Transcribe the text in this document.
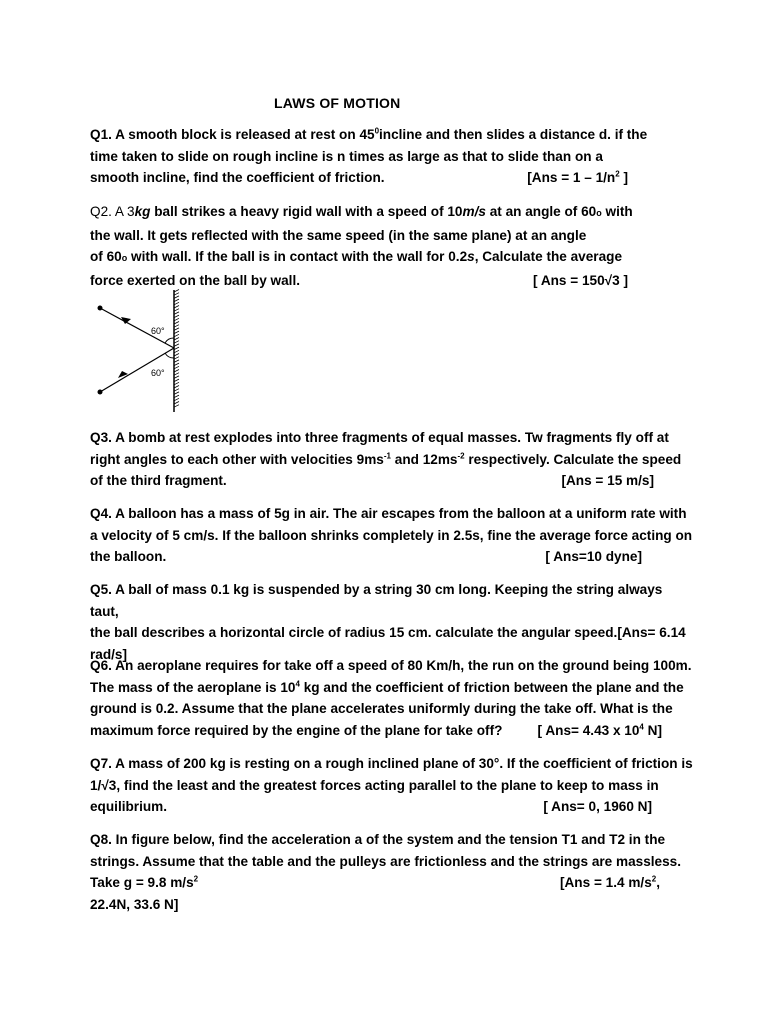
LAWS OF MOTION
Q1. A smooth block is released at rest on $45^0incline$ and then slides a distance d. if the
time taken to slide on rough incline is n times as large as that to slide than on a
smooth incline, find the coefficient of friction.	[$Ans = 1 - 1/n^2$ ]
Q2. A 3kg ball strikes a heavy rigid wall with a speed of 10m/s at an angle of 60o with
the wall. It gets reflected with the same speed (in the same plane) at an angle
of 60o with wall. If the ball is in contact with the wall for 0.2s, Calculate the average
force exerted on the ball by wall.	[ Ans = 150√3 ]
60°
60°
Q3. A bomb at rest explodes into three fragments of equal masses. Tw fragments fly off at
right angles to each other with velocities $9ms^{-1}$ and $12ms^{-2}$ respectively. Calculate the speed
of the third fragment.	[Ans = 15 m/s]
Q4. A balloon has a mass of 5g in air. The air escapes from the balloon at a uniform rate with
a velocity of 5 cm/s. If the balloon shrinks completely in 2.5s, fine the average force acting on
the balloon.	[ Ans=10 dyne]
Q5. A ball of mass 0.1 kg is suspended by a string 30 cm long. Keeping the string always taut,
the ball describes a horizontal circle of radius 15 cm. calculate the angular speed.[Ans= 6.14
rad/s]
Q6. An aeroplane requires for take off a speed of 80 Km/h, the run on the ground being 100m.
The mass of the aeroplane is $10^4$ kg and the coefficient of friction between the plane and the
ground is 0.2. Assume that the plane accelerates uniformly during the take off. What is the
maximum force required by the engine of the plane for take off?	[ Ans= 4.43 x $10^4$ N]
Q7. A mass of 200 kg is resting on a rough inclined plane of 30°. If the coefficient of friction is
1/√3, find the least and the greatest forces acting parallel to the plane to keep to mass in
equilibrium.	[ Ans= 0, 1960 N]
Q8. In figure below, find the acceleration a of the system and the tension T1 and T2 in the
strings. Assume that the table and the pulleys are frictionless and the strings are massless.
Take g = 9.8 $m/s^2$	[Ans = 1.4 $m/s^2$,
22.4N, 33.6 N]
